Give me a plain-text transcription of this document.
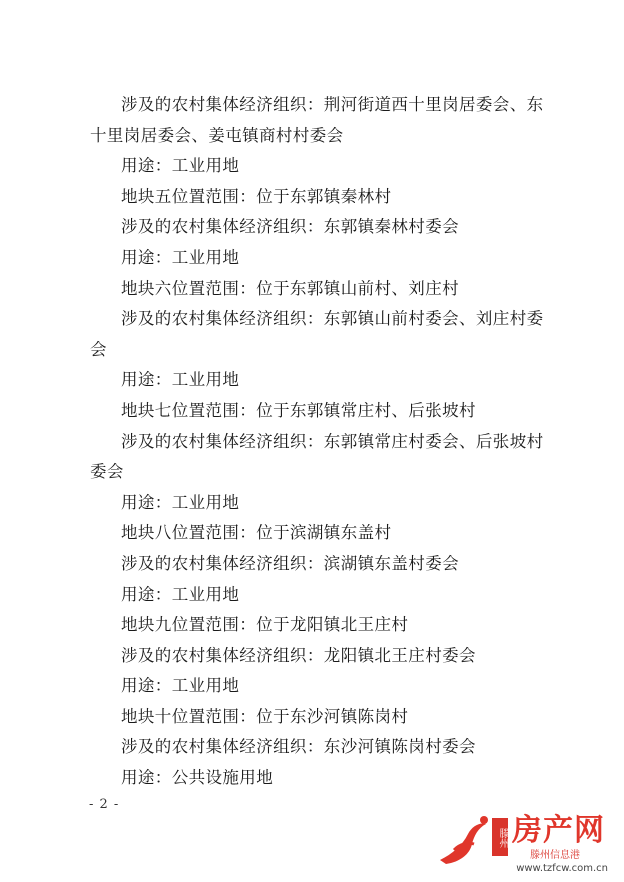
涉及的农村集体经济组织：荆河街道西十里岗居委会、东
十里岗居委会、姜屯镇商村村委会
用途：工业用地
地块五位置范围：位于东郭镇秦林村
涉及的农村集体经济组织：东郭镇秦林村委会
用途：工业用地
地块六位置范围：位于东郭镇山前村、刘庄村
涉及的农村集体经济组织：东郭镇山前村委会、刘庄村委
会
用途：工业用地
地块七位置范围：位于东郭镇常庄村、后张坡村
涉及的农村集体经济组织：东郭镇常庄村委会、后张坡村
委会
用途：工业用地
地块八位置范围：位于滨湖镇东盖村
涉及的农村集体经济组织：滨湖镇东盖村委会
用途：工业用地
地块九位置范围：位于龙阳镇北王庄村
涉及的农村集体经济组织：龙阳镇北王庄村委会
用途：工业用地
地块十位置范围：位于东沙河镇陈岗村
涉及的农村集体经济组织：东沙河镇陈岗村委会
用途：公共设施用地
- 2 -
滕州 房产网
滕州信息港
www.tzfcw.com.cn
